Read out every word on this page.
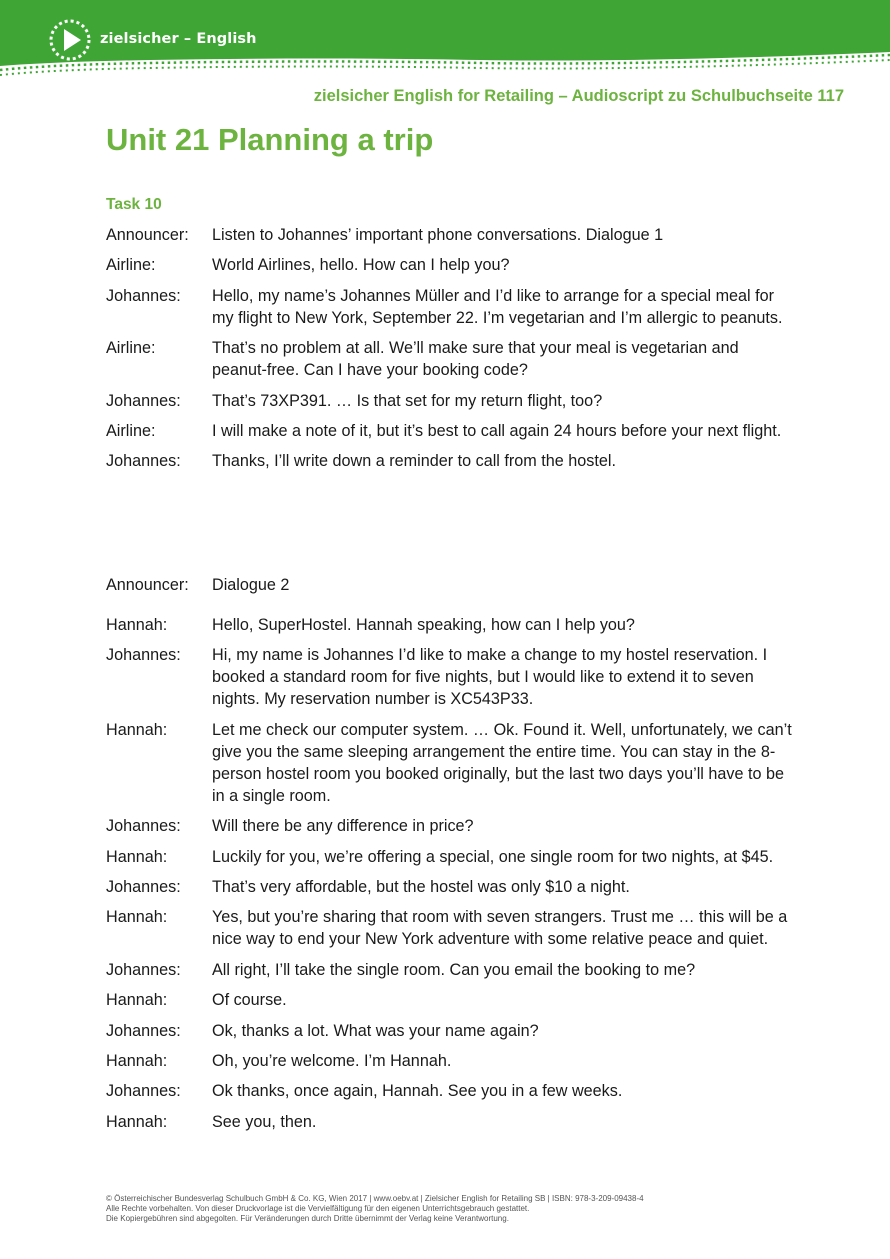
zielsicher – English
zielsicher English for Retailing – Audioscript zu Schulbuchseite 117
Unit 21 Planning a trip
Task 10
Announcer:	Listen to Johannes’ important phone conversations. Dialogue 1
Airline:	World Airlines, hello. How can I help you?
Johannes:	Hello, my name’s Johannes Müller and I’d like to arrange for a special meal for my flight to New York, September 22. I’m vegetarian and I’m allergic to peanuts.
Airline:	That’s no problem at all. We’ll make sure that your meal is vegetarian and peanut-free. Can I have your booking code?
Johannes:	That’s 73XP391. … Is that set for my return flight, too?
Airline:	I will make a note of it, but it’s best to call again 24 hours before your next flight.
Johannes:	Thanks, I’ll write down a reminder to call from the hostel.
Announcer:	Dialogue 2
Hannah:	Hello, SuperHostel. Hannah speaking, how can I help you?
Johannes:	Hi, my name is Johannes I’d like to make a change to my hostel reservation. I booked a standard room for five nights, but I would like to extend it to seven nights. My reservation number is XC543P33.
Hannah:	Let me check our computer system. … Ok. Found it. Well, unfortunately, we can’t give you the same sleeping arrangement the entire time. You can stay in the 8-person hostel room you booked originally, but the last two days you’ll have to be in a single room.
Johannes:	Will there be any difference in price?
Hannah:	Luckily for you, we’re offering a special, one single room for two nights, at $45.
Johannes:	That’s very affordable, but the hostel was only $10 a night.
Hannah:	Yes, but you’re sharing that room with seven strangers. Trust me … this will be a nice way to end your New York adventure with some relative peace and quiet.
Johannes:	All right, I’ll take the single room. Can you email the booking to me?
Hannah:	Of course.
Johannes:	Ok, thanks a lot. What was your name again?
Hannah:	Oh, you’re welcome. I’m Hannah.
Johannes:	Ok thanks, once again, Hannah. See you in a few weeks.
Hannah:	See you, then.
© Österreichischer Bundesverlag Schulbuch GmbH & Co. KG, Wien 2017 | www.oebv.at | Zielsicher English for Retailing SB | ISBN: 978-3-209-09438-4
Alle Rechte vorbehalten. Von dieser Druckvorlage ist die Vervielfältigung für den eigenen Unterrichtsgebrauch gestattet.
Die Kopiergebühren sind abgegolten. Für Veränderungen durch Dritte übernimmt der Verlag keine Verantwortung.
